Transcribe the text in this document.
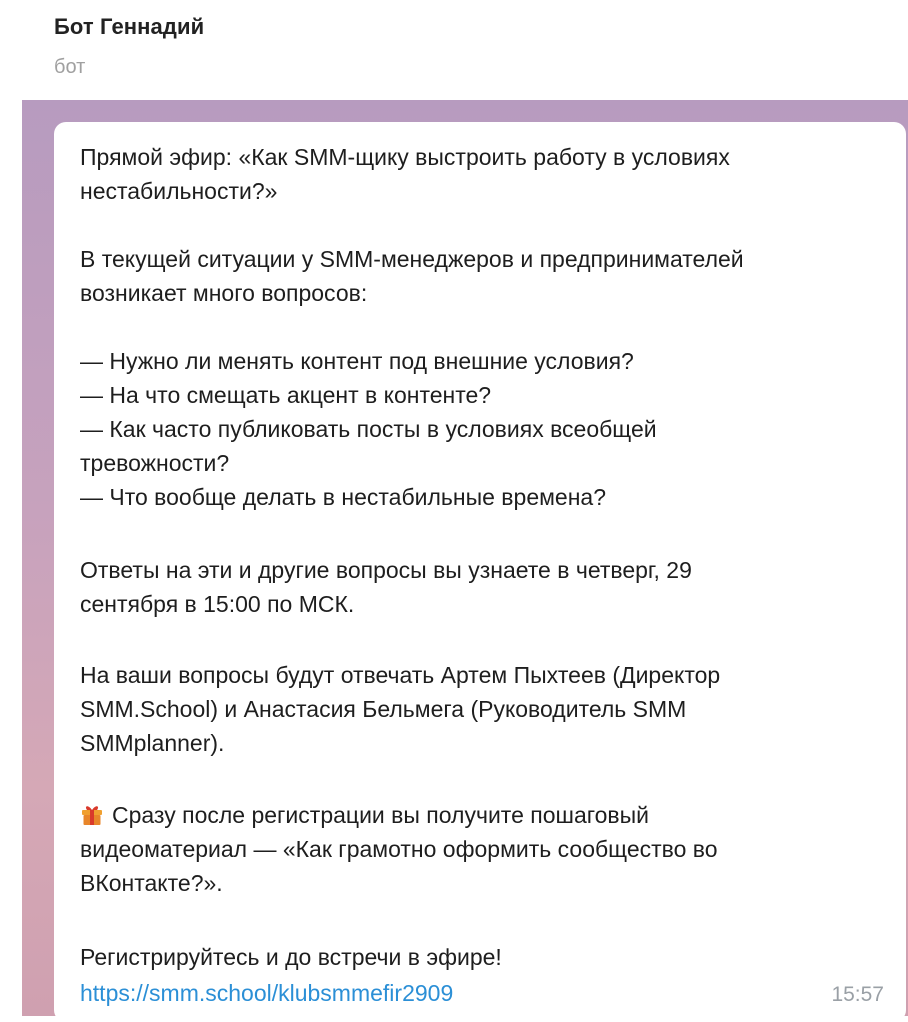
Бот Геннадий
бот
Прямой эфир: «Как SMM-щику выстроить работу в условиях
нестабильности?»
В текущей ситуации у SMM-менеджеров и предпринимателей
возникает много вопросов:
— Нужно ли менять контент под внешние условия?
— На что смещать акцент в контенте?
— Как часто публиковать посты в условиях всеобщей
тревожности?
— Что вообще делать в нестабильные времена?
Ответы на эти и другие вопросы вы узнаете в четверг, 29
сентября в 15:00 по МСК.
На ваши вопросы будут отвечать Артем Пыхтеев (Директор
SMM.School) и Анастасия Бельмега (Руководитель SMM
SMMplanner).
Сразу после регистрации вы получите пошаговый
видеоматериал — «Как грамотно оформить сообщество во
ВКонтакте?».
Регистрируйтесь и до встречи в эфире!
https://smm.school/klubsmmefir2909	15:57
